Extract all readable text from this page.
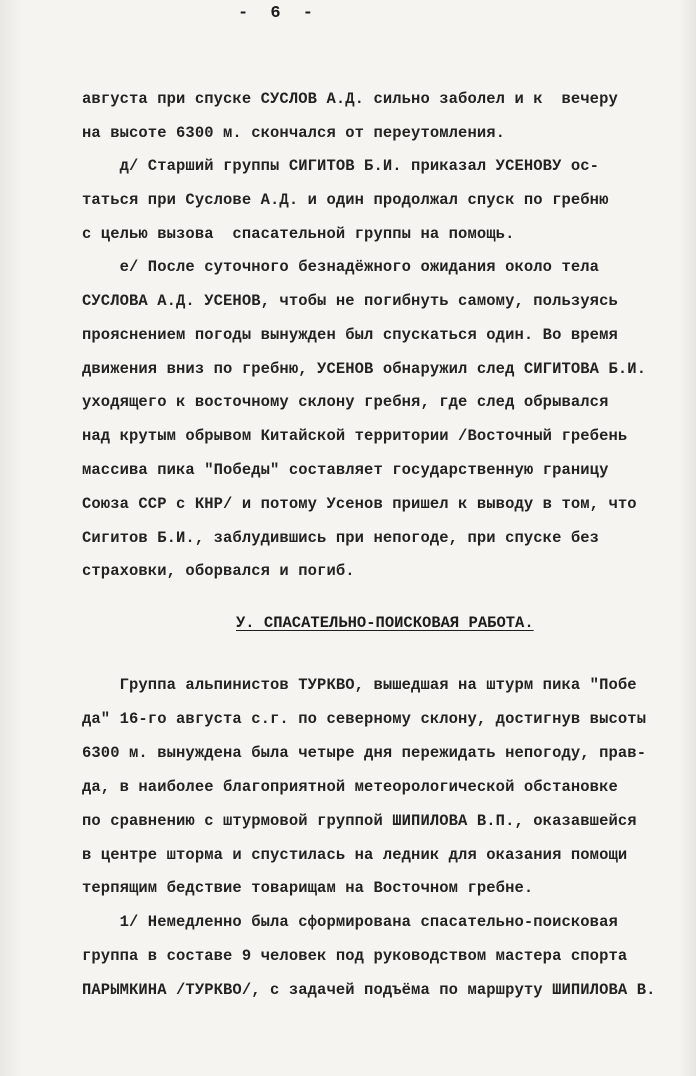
- 6 -
августа при спуске СУСЛОВ А.Д. сильно заболел и к  вечеру
на высоте 6300 м. скончался от переутомления.
д/ Старший группы СИГИТОВ Б.И. приказал УСЕНОВУ ос-
таться при Суслове А.Д. и один продолжал спуск по гребню
с целью вызова  спасательной группы на помощь.
е/ После суточного безнадёжного ожидания около тела
СУСЛОВА А.Д. УСЕНОВ, чтобы не погибнуть самому, пользуясь
прояснением погоды вынужден был спускаться один. Во время
движения вниз по гребню, УСЕНОВ обнаружил след СИГИТОВА Б.И.
уходящего к восточному склону гребня, где след обрывался
над крутым обрывом Китайской территории /Восточный гребень
массива пика "Победы" составляет государственную границу
Союза ССР с КНР/ и потому Усенов пришел к выводу в том, что
Сигитов Б.И., заблудившись при непогоде, при спуске без
страховки, оборвался и погиб.
У. СПАСАТЕЛЬНО-ПОИСКОВАЯ РАБОТА.
Группа альпинистов ТУРКВО, вышедшая на штурм пика "Побе
да" 16-го августа с.г. по северному склону, достигнув высоты
6300 м. вынуждена была четыре дня пережидать непогоду, прав-
да, в наиболее благоприятной метеорологической обстановке
по сравнению с штурмовой группой ШИПИЛОВА В.П., оказавшейся
в центре шторма и спустилась на ледник для оказания помощи
терпящим бедствие товарищам на Восточном гребне.
1/ Немедленно была сформирована спасательно-поисковая
группа в составе 9 человек под руководством мастера спорта
ПАРЫМКИНА /ТУРКВО/, с задачей подъёма по маршруту ШИПИЛОВА В.
